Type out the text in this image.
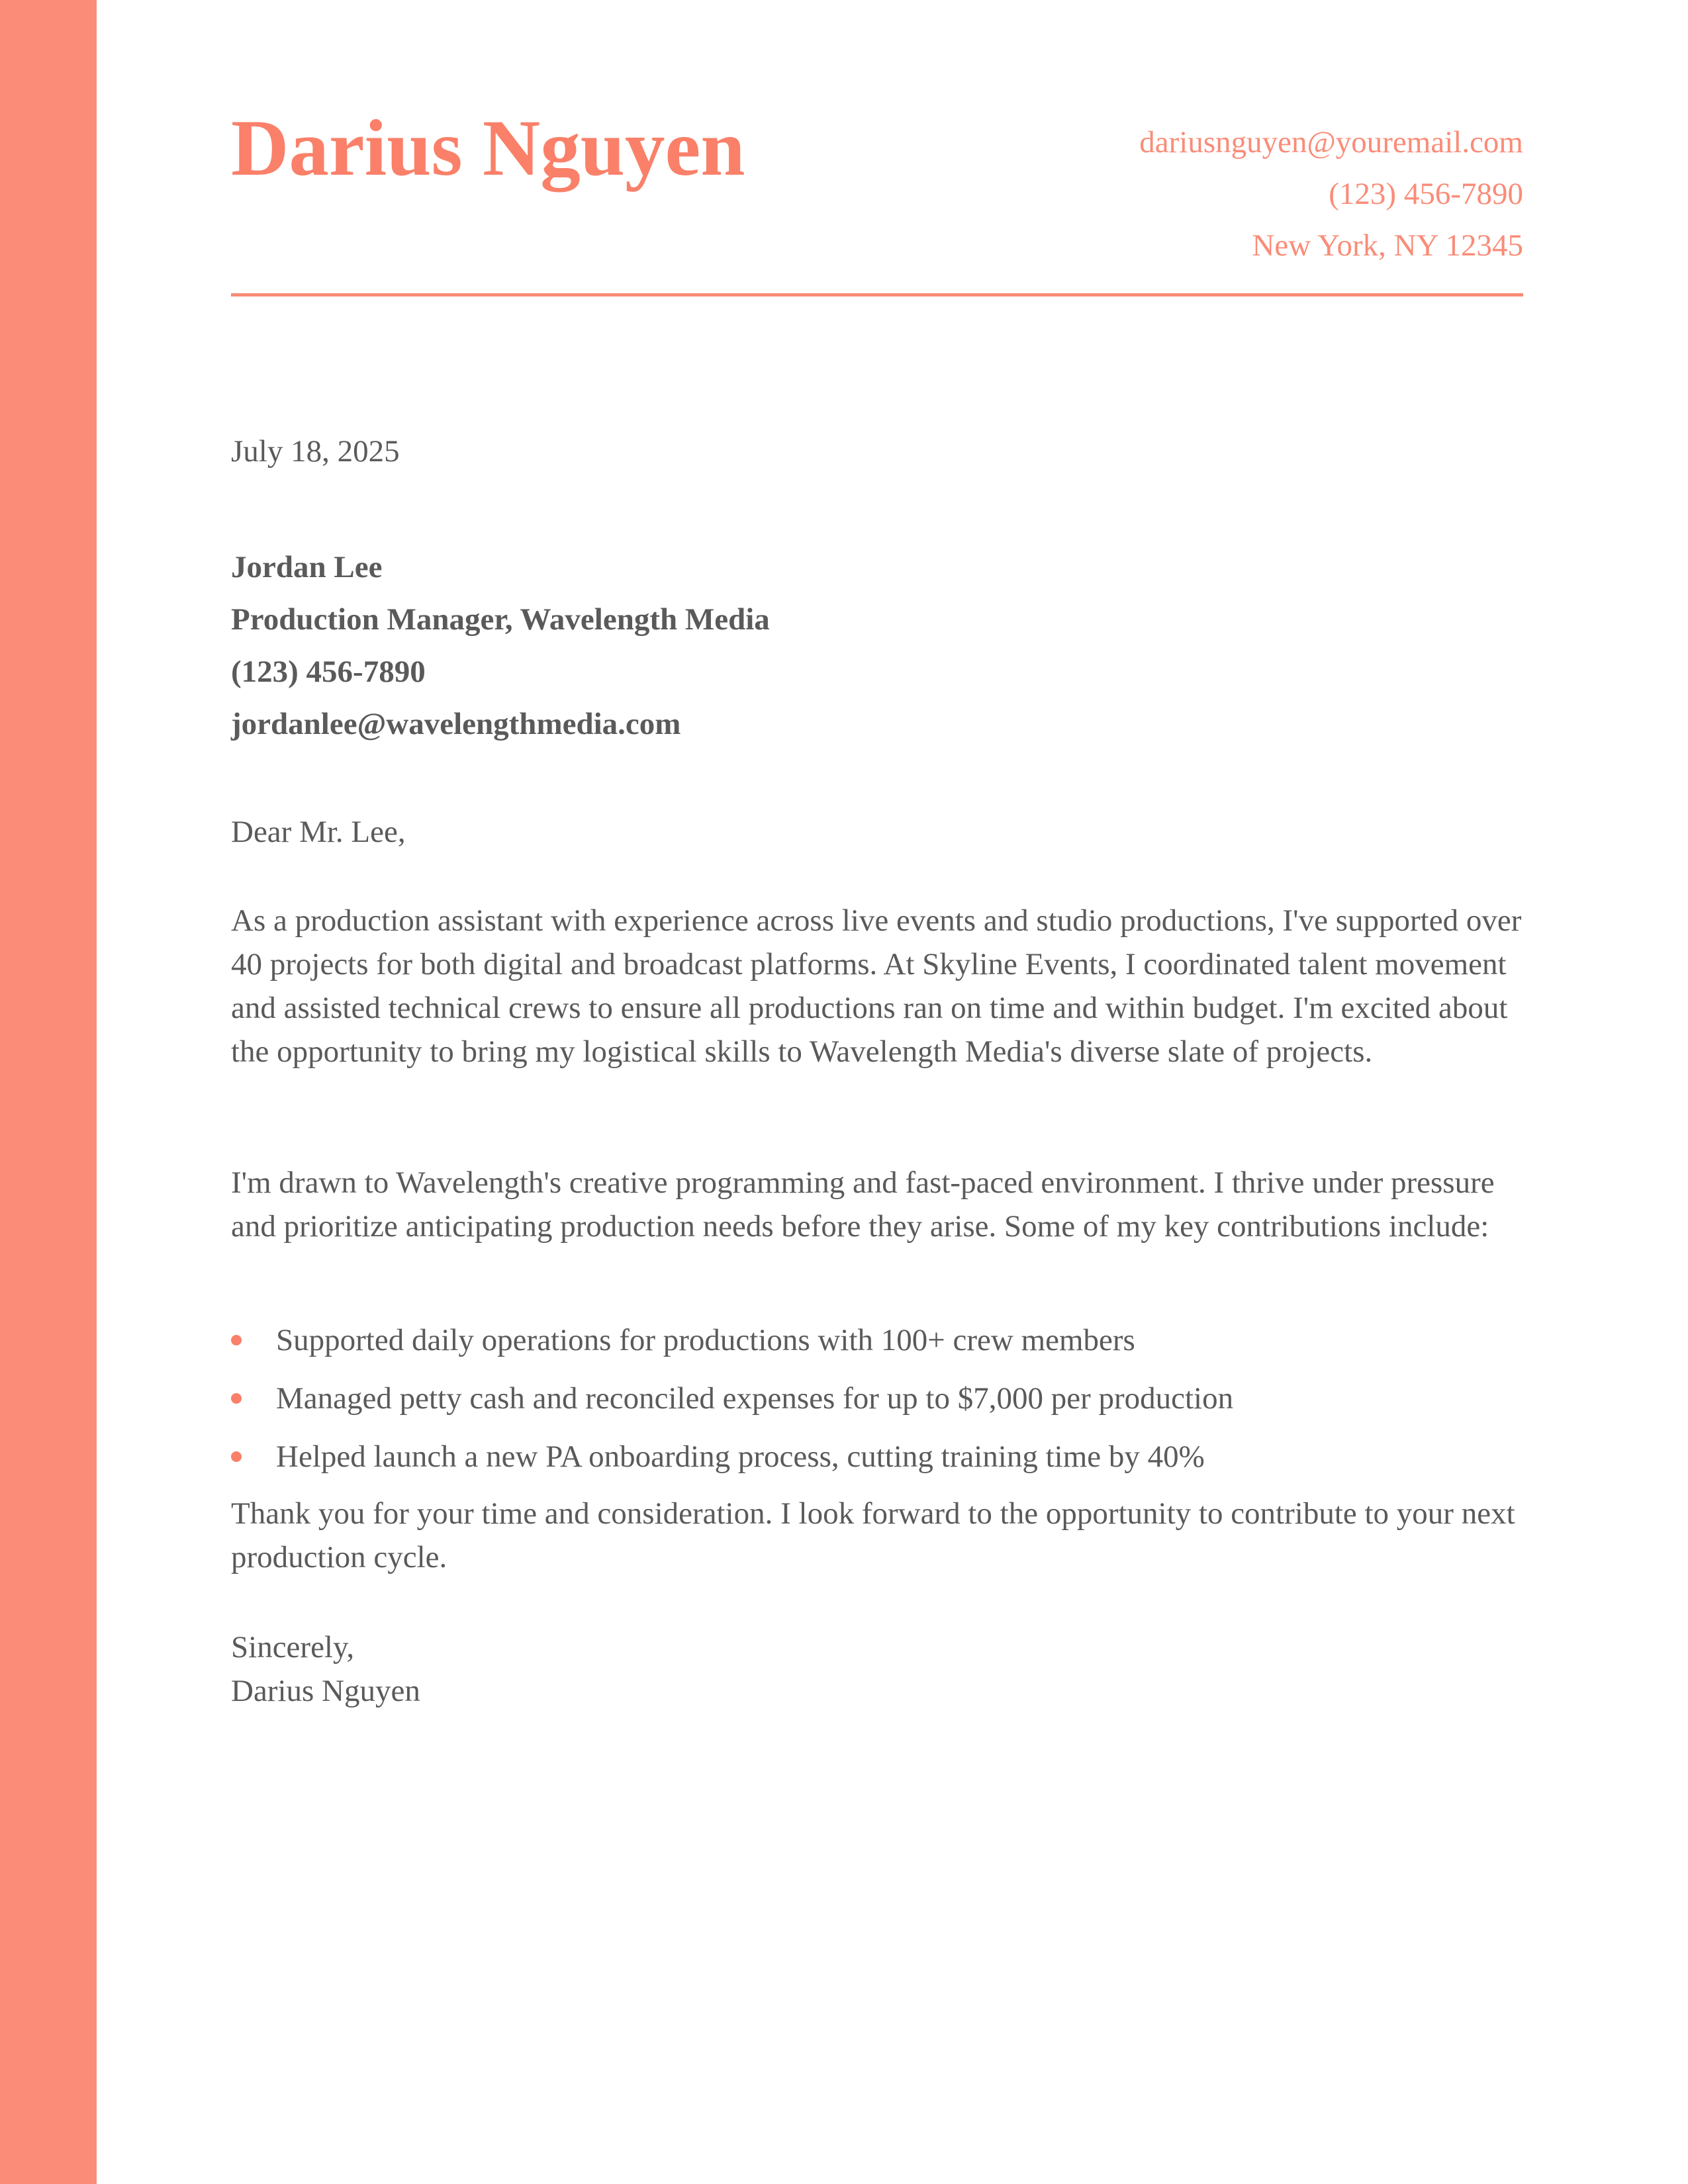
Darius Nguyen	dariusnguyen@youremail.com
(123) 456-7890
New York, NY 12345
July 18, 2025
Jordan Lee
Production Manager, Wavelength Media
(123) 456-7890
jordanlee@wavelengthmedia.com
Dear Mr. Lee,

As a production assistant with experience across live events and studio productions, I've supported over 40 projects for both digital and broadcast platforms. At Skyline Events, I coordinated talent movement and assisted technical crews to ensure all productions ran on time and within budget. I'm excited about the opportunity to bring my logistical skills to Wavelength Media's diverse slate of projects.

I'm drawn to Wavelength's creative programming and fast-paced environment. I thrive under pressure and prioritize anticipating production needs before they arise. Some of my key contributions include:

Supported daily operations for productions with 100+ crew members
Managed petty cash and reconciled expenses for up to $7,000 per production
Helped launch a new PA onboarding process, cutting training time by 40%

Thank you for your time and consideration. I look forward to the opportunity to contribute to your next production cycle.

Sincerely,
Darius Nguyen
